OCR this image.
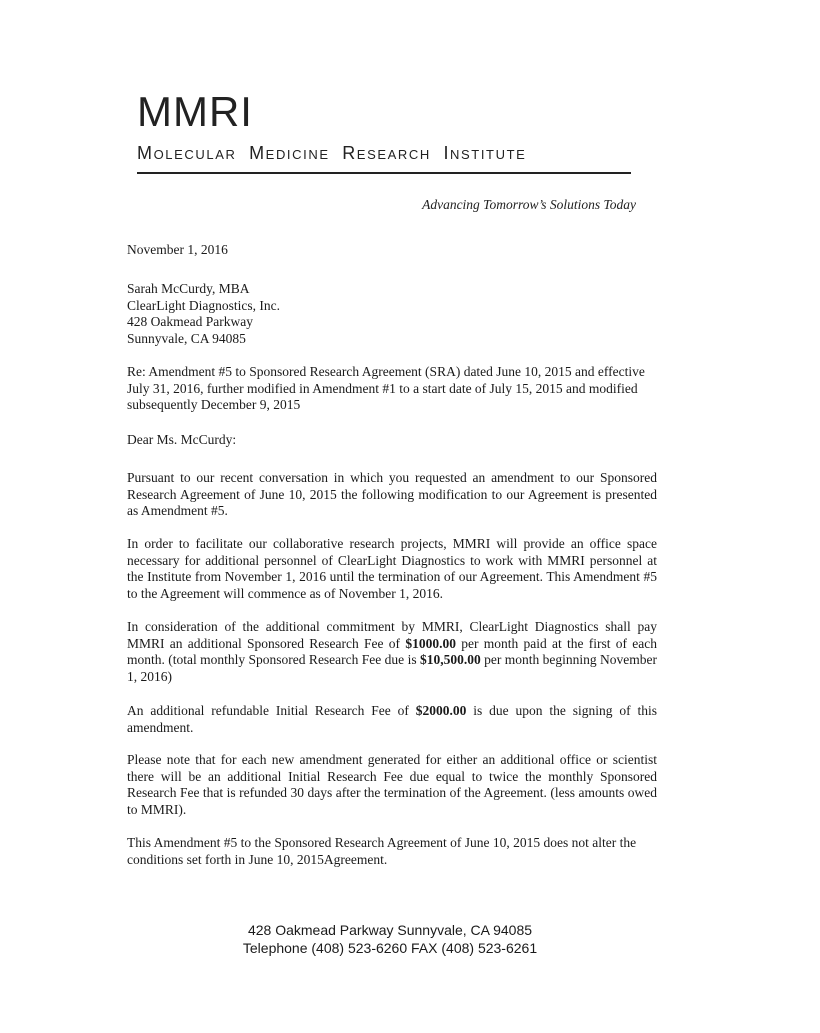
MMRI
Molecular Medicine Research Institute
Advancing Tomorrow’s Solutions Today
November 1, 2016
Sarah McCurdy, MBA
ClearLight Diagnostics, Inc.
428 Oakmead Parkway
Sunnyvale, CA 94085
Re: Amendment #5 to Sponsored Research Agreement (SRA) dated June 10, 2015 and effective July 31, 2016, further modified in Amendment #1 to a start date of July 15, 2015 and modified subsequently December 9, 2015
Dear Ms. McCurdy:
Pursuant to our recent conversation in which you requested an amendment to our Sponsored Research Agreement of June 10, 2015 the following modification to our Agreement is presented as Amendment #5.
In order to facilitate our collaborative research projects, MMRI will provide an office space necessary for additional personnel of ClearLight Diagnostics to work with MMRI personnel at the Institute from November 1, 2016 until the termination of our Agreement. This Amendment #5 to the Agreement will commence as of November 1, 2016.
In consideration of the additional commitment by MMRI, ClearLight Diagnostics shall pay MMRI an additional Sponsored Research Fee of $1000.00 per month paid at the first of each month. (total monthly Sponsored Research Fee due is $10,500.00 per month beginning November 1, 2016)
An additional refundable Initial Research Fee of $2000.00 is due upon the signing of this amendment.
Please note that for each new amendment generated for either an additional office or scientist there will be an additional Initial Research Fee due equal to twice the monthly Sponsored Research Fee that is refunded 30 days after the termination of the Agreement. (less amounts owed to MMRI).
This Amendment #5 to the Sponsored Research Agreement of June 10, 2015 does not alter the conditions set forth in June 10, 2015Agreement.
428 Oakmead Parkway Sunnyvale, CA 94085
Telephone (408) 523-6260 FAX (408) 523-6261
